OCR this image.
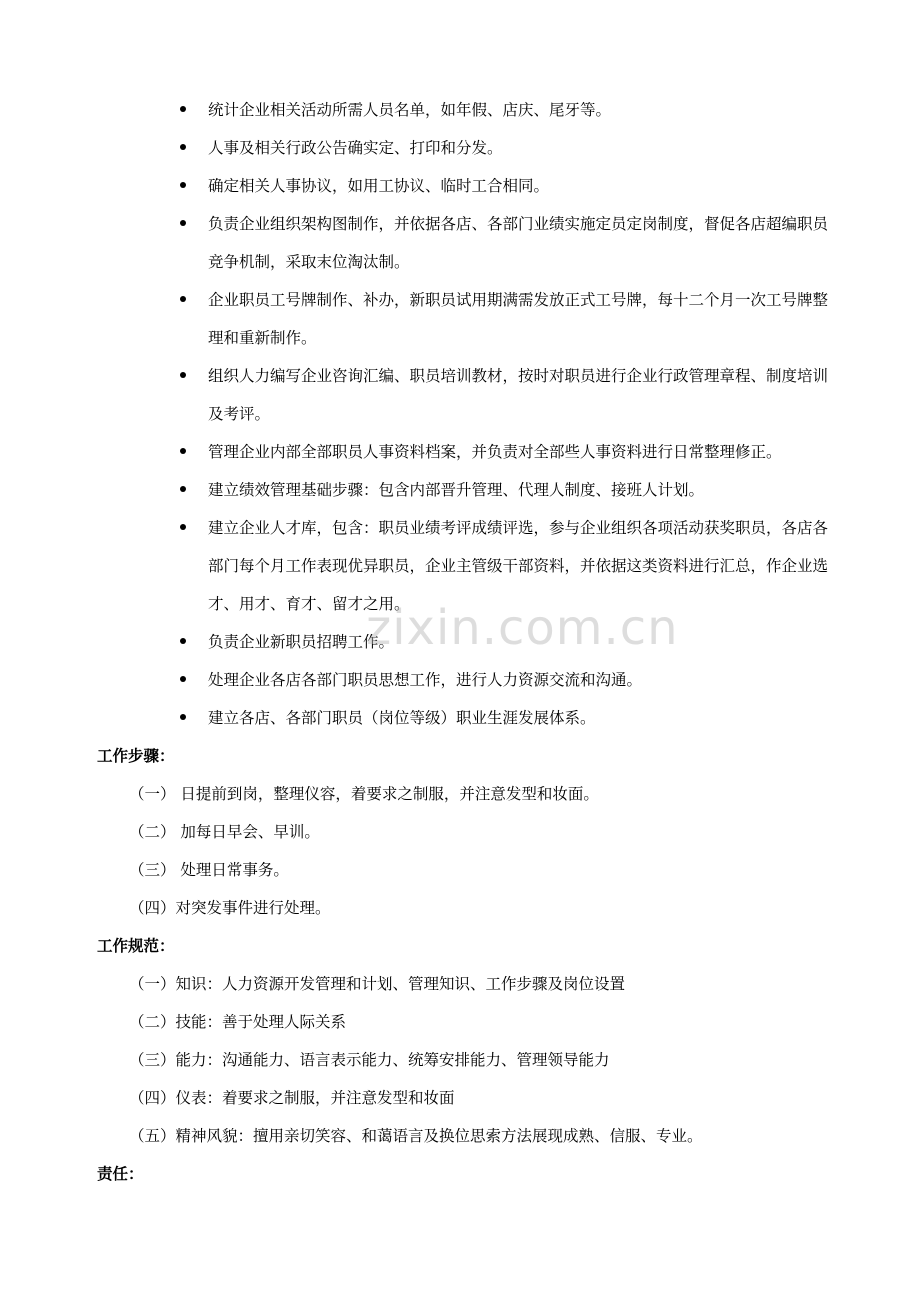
统计企业相关活动所需人员名单，如年假、店庆、尾牙等。
人事及相关行政公告确实定、打印和分发。
确定相关人事协议，如用工协议、临时工合相同。
负责企业组织架构图制作，并依据各店、各部门业绩实施定员定岗制度，督促各店超编职员竞争机制，采取末位淘汰制。
企业职员工号牌制作、补办，新职员试用期满需发放正式工号牌，每十二个月一次工号牌整理和重新制作。
组织人力编写企业咨询汇编、职员培训教材，按时对职员进行企业行政管理章程、制度培训及考评。
管理企业内部全部职员人事资料档案，并负责对全部些人事资料进行日常整理修正。
建立绩效管理基础步骤：包含内部晋升管理、代理人制度、接班人计划。
建立企业人才库，包含：职员业绩考评成绩评选，参与企业组织各项活动获奖职员，各店各部门每个月工作表现优异职员，企业主管级干部资料，并依据这类资料进行汇总，作企业选才、用才、育才、留才之用。
负责企业新职员招聘工作。
处理企业各店各部门职员思想工作，进行人力资源交流和沟通。
建立各店、各部门职员（岗位等级）职业生涯发展体系。

工作步骤：

（一） 日提前到岗，整理仪容，着要求之制服，并注意发型和妆面。

（二） 加每日早会、早训。

（三） 处理日常事务。

（四）对突发事件进行处理。

工作规范：

（一）知识：人力资源开发管理和计划、管理知识、工作步骤及岗位设置

（二）技能：善于处理人际关系

（三）能力：沟通能力、语言表示能力、统筹安排能力、管理领导能力

（四）仪表：着要求之制服，并注意发型和妆面

（五）精神风貌：擅用亲切笑容、和蔼语言及换位思索方法展现成熟、信服、专业。

责任：

zixin.com.cn
